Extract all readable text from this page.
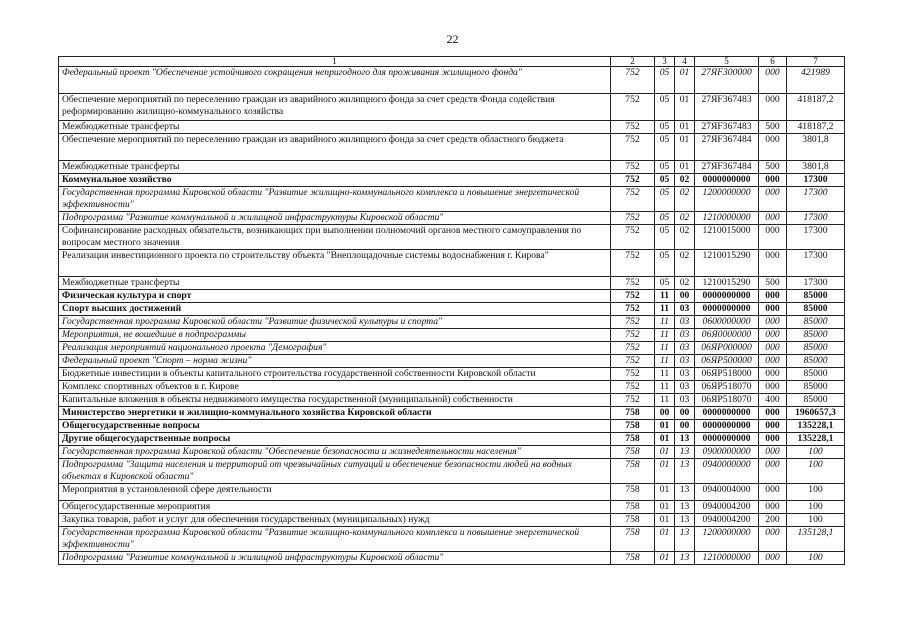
22
1	2	3	4	5	6	7
Федеральный проект "Обеспечение устойчивого сокращения непригодного для проживания жилищного фонда"	752	05	01	27ЯF300000	000	421989
Обеспечение мероприятий по переселению граждан из аварийного жилищного фонда за счет средств Фонда содействия реформированию жилищно-коммунального хозяйства	752	05	01	27ЯF367483	000	418187,2
Межбюджетные трансферты	752	05	01	27ЯF367483	500	418187,2
Обеспечение мероприятий по переселению граждан из аварийного жилищного фонда за счет средств областного бюджета	752	05	01	27ЯF367484	000	3801,8
Межбюджетные трансферты	752	05	01	27ЯF367484	500	3801,8
Коммунальное хозяйство	752	05	02	0000000000	000	17300
Государственная программа Кировской области "Развитие жилищно-коммунального комплекса и повышение энергетической эффективности"	752	05	02	1200000000	000	17300
Подпрограмма "Развитие коммунальной и жилищной инфраструктуры Кировской области"	752	05	02	1210000000	000	17300
Софинансирование расходных обязательств, возникающих при выполнении полномочий органов местного самоуправления по вопросам местного значения	752	05	02	1210015000	000	17300
Реализация инвестиционного проекта по строительству объекта "Внеплощадочные системы водоснабжения г. Кирова"	752	05	02	1210015290	000	17300
Межбюджетные трансферты	752	05	02	1210015290	500	17300
Физическая культура и спорт	752	11	00	0000000000	000	85000
Спорт высших достижений	752	11	03	0000000000	000	85000
Государственная программа Кировской области "Развитие физической культуры и спорта"	752	11	03	0600000000	000	85000
Мероприятия, не вошедшие в подпрограммы	752	11	03	06Я0000000	000	85000
Реализация мероприятий национального проекта "Демография"	752	11	03	06ЯP000000	000	85000
Федеральный проект "Спорт – норма жизни"	752	11	03	06ЯP500000	000	85000
Бюджетные инвестиции в объекты капитального строительства государственной собственности Кировской области	752	11	03	06ЯP518000	000	85000
Комплекс спортивных объектов в г. Кирове	752	11	03	06ЯP518070	000	85000
Капитальные вложения в объекты недвижимого имущества государственной (муниципальной) собственности	752	11	03	06ЯP518070	400	85000
Министерство энергетики и жилищно-коммунального хозяйства Кировской области	758	00	00	0000000000	000	1960657,3
Общегосударственные вопросы	758	01	00	0000000000	000	135228,1
Другие общегосударственные вопросы	758	01	13	0000000000	000	135228,1
Государственная программа Кировской области "Обеспечение безопасности и жизнедеятельности населения"	758	01	13	0900000000	000	100
Подпрограмма "Защита населения и территорий от чрезвычайных ситуаций и обеспечение безопасности людей на водных объектах в Кировской области"	758	01	13	0940000000	000	100
Мероприятия в установленной сфере деятельности	758	01	13	0940004000	000	100
Общегосударственные мероприятия	758	01	13	0940004200	000	100
Закупка товаров, работ и услуг для обеспечения государственных (муниципальных) нужд	758	01	13	0940004200	200	100
Государственная программа Кировской области "Развитие жилищно-коммунального комплекса и повышение энергетической эффективности"	758	01	13	1200000000	000	135128,1
Подпрограмма "Развитие коммунальной и жилищной инфраструктуры Кировской области"	758	01	13	1210000000	000	100
